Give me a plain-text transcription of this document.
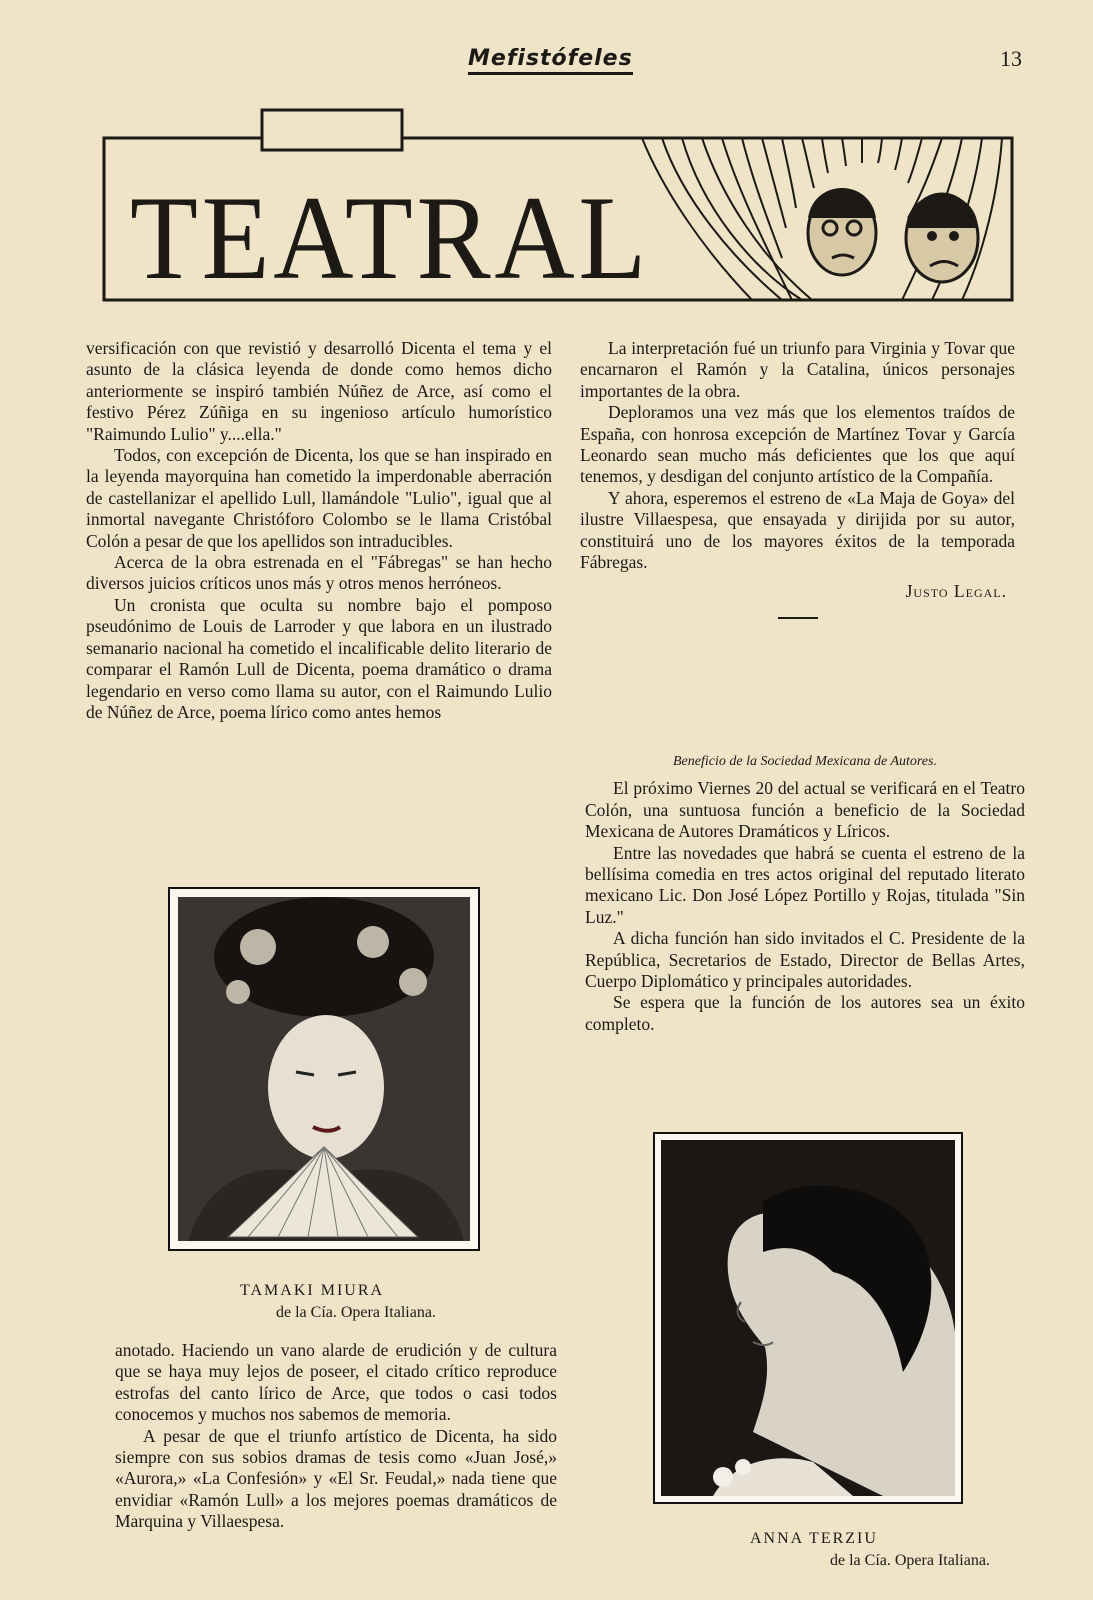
Mefistófeles	13
TEATRAL

versificación con que revistió y desarrolló Dicenta el tema y el asunto de la clásica leyenda de donde como hemos dicho anteriormente se inspiró también Núñez de Arce, así como el festivo Pérez Zúñiga en su ingenioso artículo humorístico "Raimundo Lulio" y....ella."

Todos, con excepción de Dicenta, los que se han inspirado en la leyenda mayorquina han cometido la imperdonable aberración de castellanizar el apellido Lull, llamándole "Lulio", igual que al inmortal navegante Christóforo Colombo se le llama Cristóbal Colón a pesar de que los apellidos son intraducibles.

Acerca de la obra estrenada en el "Fábregas" se han hecho diversos juicios críticos unos más y otros menos herróneos.

Un cronista que oculta su nombre bajo el pomposo pseudónimo de Louis de Larroder y que labora en un ilustrado semanario nacional ha cometido el incalificable delito literario de comparar el Ramón Lull de Dicenta, poema dramático o drama legendario en verso como llama su autor, con el Raimundo Lulio de Núñez de Arce, poema lírico como antes hemos

TAMAKI MIURA
de la Cía. Opera Italiana.

anotado. Haciendo un vano alarde de erudición y de cultura que se haya muy lejos de poseer, el citado crítico reproduce estrofas del canto lírico de Arce, que todos o casi todos conocemos y muchos nos sabemos de memoria.

A pesar de que el triunfo artístico de Dicenta, ha sido siempre con sus sobios dramas de tesis como «Juan José,» «Aurora,» «La Confesión» y «El Sr. Feudal,» nada tiene que envidiar «Ramón Lull» a los mejores poemas dramáticos de Marquina y Villaespesa.

La interpretación fué un triunfo para Virginia y Tovar que encarnaron el Ramón y la Catalina, únicos personajes importantes de la obra.

Deploramos una vez más que los elementos traídos de España, con honrosa excepción de Martínez Tovar y García Leonardo sean mucho más deficientes que los que aquí tenemos, y desdigan del conjunto artístico de la Compañía.

Y ahora, esperemos el estreno de «La Maja de Goya» del ilustre Villaespesa, que ensayada y dirijida por su autor, constituirá uno de los mayores éxitos de la temporada Fábregas.

Justo Legal.

Beneficio de la Sociedad Mexicana de Autores.

El próximo Viernes 20 del actual se verificará en el Teatro Colón, una suntuosa función a beneficio de la Sociedad Mexicana de Autores Dramáticos y Líricos.

Entre las novedades que habrá se cuenta el estreno de la bellísima comedia en tres actos original del reputado literato mexicano Lic. Don José López Portillo y Rojas, titulada "Sin Luz."

A dicha función han sido invitados el C. Presidente de la República, Secretarios de Estado, Director de Bellas Artes, Cuerpo Diplomático y principales autoridades.

Se espera que la función de los autores sea un éxito completo.

ANNA TERZIU
de la Cía. Opera Italiana.
